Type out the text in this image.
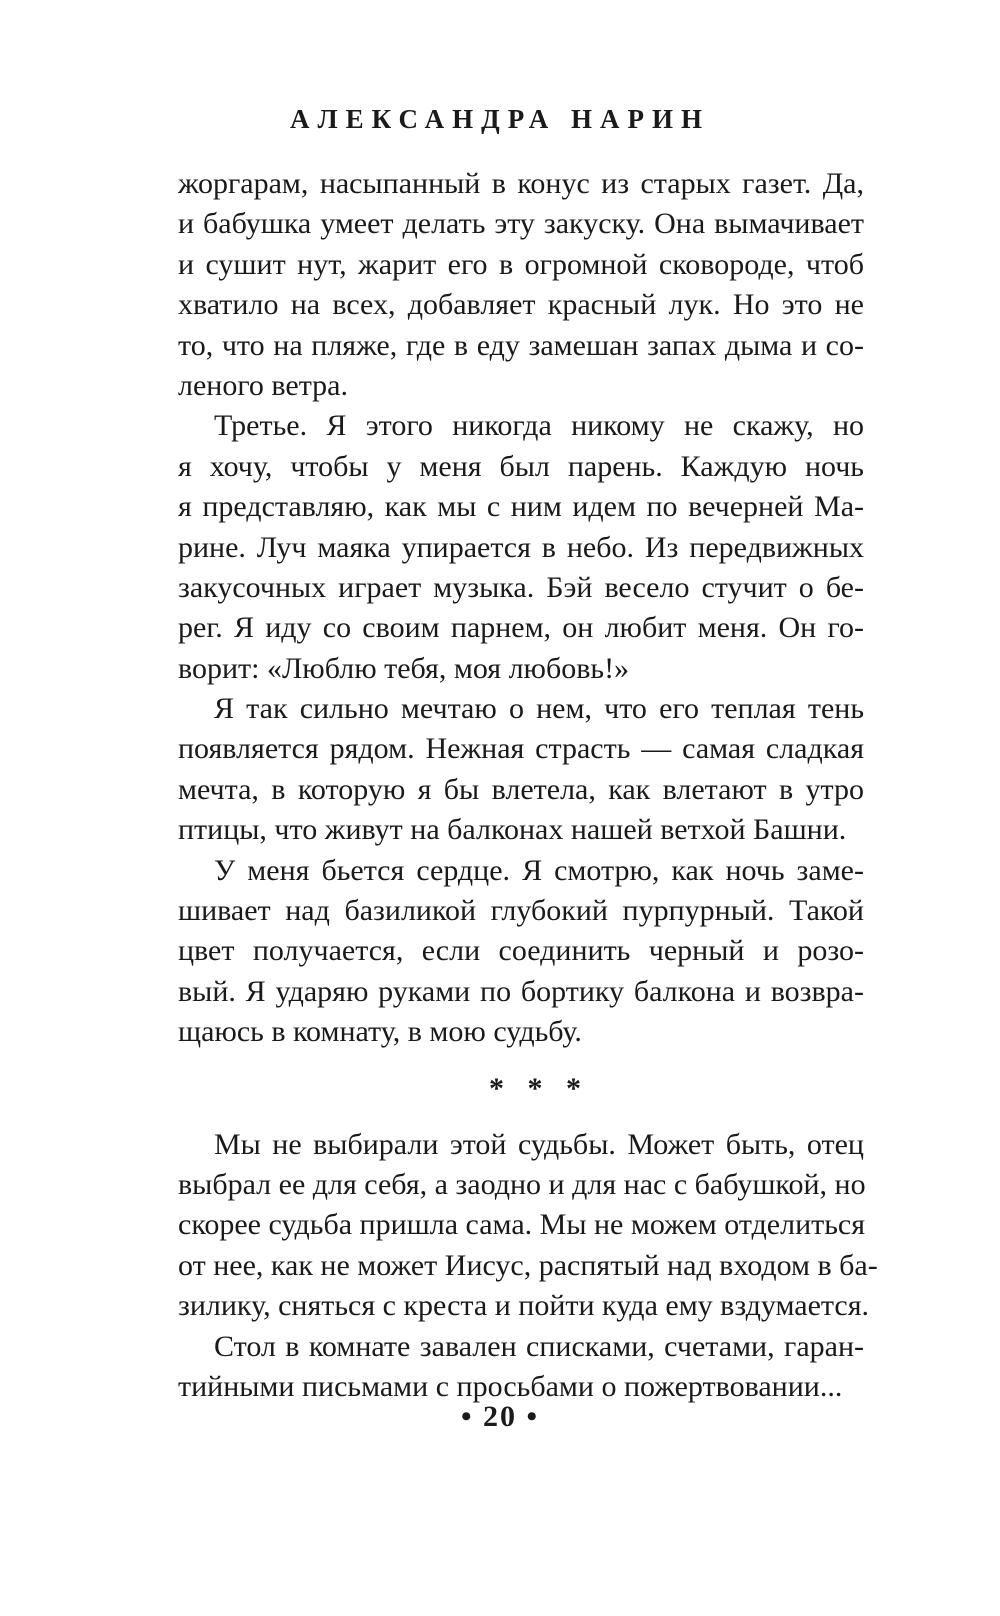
АЛЕКСАНДРА НАРИН
жоргарам, насыпанный в конус из старых газет. Да,
и бабушка умеет делать эту закуску. Она вымачивает
и сушит нут, жарит его в огромной сковороде, чтоб
хватило на всех, добавляет красный лук. Но это не
то, что на пляже, где в еду замешан запах дыма и со-
леного ветра.
Третье. Я этого никогда никому не скажу, но
я хочу, чтобы у меня был парень. Каждую ночь
я представляю, как мы с ним идем по вечерней Ма-
рине. Луч маяка упирается в небо. Из передвижных
закусочных играет музыка. Бэй весело стучит о бе-
рег. Я иду со своим парнем, он любит меня. Он го-
ворит: «Люблю тебя, моя любовь!»
Я так сильно мечтаю о нем, что его теплая тень
появляется рядом. Нежная страсть — самая сладкая
мечта, в которую я бы влетела, как влетают в утро
птицы, что живут на балконах нашей ветхой Башни.
У меня бьется сердце. Я смотрю, как ночь заме-
шивает над базиликой глубокий пурпурный. Такой
цвет получается, если соединить черный и розо-
вый. Я ударяю руками по бортику балкона и возвра-
щаюсь в комнату, в мою судьбу.
* * *
Мы не выбирали этой судьбы. Может быть, отец
выбрал ее для себя, а заодно и для нас с бабушкой, но
скорее судьба пришла сама. Мы не можем отделиться
от нее, как не может Иисус, распятый над входом в ба-
зилику, сняться с креста и пойти куда ему вздумается.
Стол в комнате завален списками, счетами, гаран-
тийными письмами с просьбами о пожертвовании...
• 20 •
